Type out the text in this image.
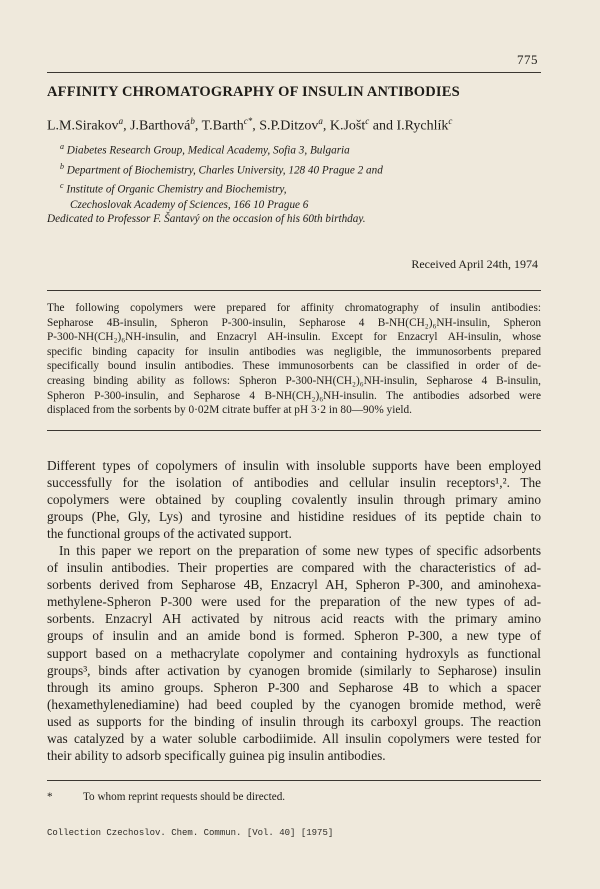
775
AFFINITY CHROMATOGRAPHY OF INSULIN ANTIBODIES
L.M.Sirakov$^a$, J.Barthová$^b$, T.Barth$^{c*}$, S.P.Ditzov$^a$, K.Jošt$^c$ and I.Rychlík$^c$
$^a$ Diabetes Research Group, Medical Academy, Sofia 3, Bulgaria
$^b$ Department of Biochemistry, Charles University, 128 40 Prague 2 and
$^c$ Institute of Organic Chemistry and Biochemistry,
Czechoslovak Academy of Sciences, 166 10 Prague 6
Dedicated to Professor F. Šantavý on the occasion of his 60th birthday.
Received April 24th, 1974
The following copolymers were prepared for affinity chromatography of insulin antibodies:
Sepharose 4B-insulin, Spheron P-300-insulin, Sepharose 4 B-NH(CH₂)₆NH-insulin, Spheron
P-300-NH(CH₂)₆NH-insulin, and Enzacryl AH-insulin. Except for Enzacryl AH-insulin, whose
specific binding capacity for insulin antibodies was negligible, the immunosorbents prepared
specifically bound insulin antibodies. These immunosorbents can be classified in order of de-
creasing binding ability as follows: Spheron P-300-NH(CH₂)₆NH-insulin, Sepharose 4 B-insulin,
Spheron P-300-insulin, and Sepharose 4 B-NH(CH₂)₆NH-insulin. The antibodies adsorbed were
displaced from the sorbents by 0·02M citrate buffer at pH 3·2 in 80—90% yield.
Different types of copolymers of insulin with insoluble supports have been employed
successfully for the isolation of antibodies and cellular insulin receptors¹,². The
copolymers were obtained by coupling covalently insulin through primary amino
groups (Phe, Gly, Lys) and tyrosine and histidine residues of its peptide chain to
the functional groups of the activated support.
In this paper we report on the preparation of some new types of specific adsorbents
of insulin antibodies. Their properties are compared with the characteristics of ad-
sorbents derived from Sepharose 4B, Enzacryl AH, Spheron P-300, and aminohexa-
methylene-Spheron P-300 were used for the preparation of the new types of ad-
sorbents. Enzacryl AH activated by nitrous acid reacts with the primary amino
groups of insulin and an amide bond is formed. Spheron P-300, a new type of
support based on a methacrylate copolymer and containing hydroxyls as functional
groups³, binds after activation by cyanogen bromide (similarly to Sepharose) insulin
through its amino groups. Spheron P-300 and Sepharose 4B to which a spacer
(hexamethylenediamine) had beed coupled by the cyanogen bromide method, werê
used as supports for the binding of insulin through its carboxyl groups. The reaction
was catalyzed by a water soluble carbodiimide. All insulin copolymers were tested for
their ability to adsorb specifically guinea pig insulin antibodies.
*	To whom reprint requests should be directed.
Collection Czechoslov. Chem. Commun. [Vol. 40] [1975]
